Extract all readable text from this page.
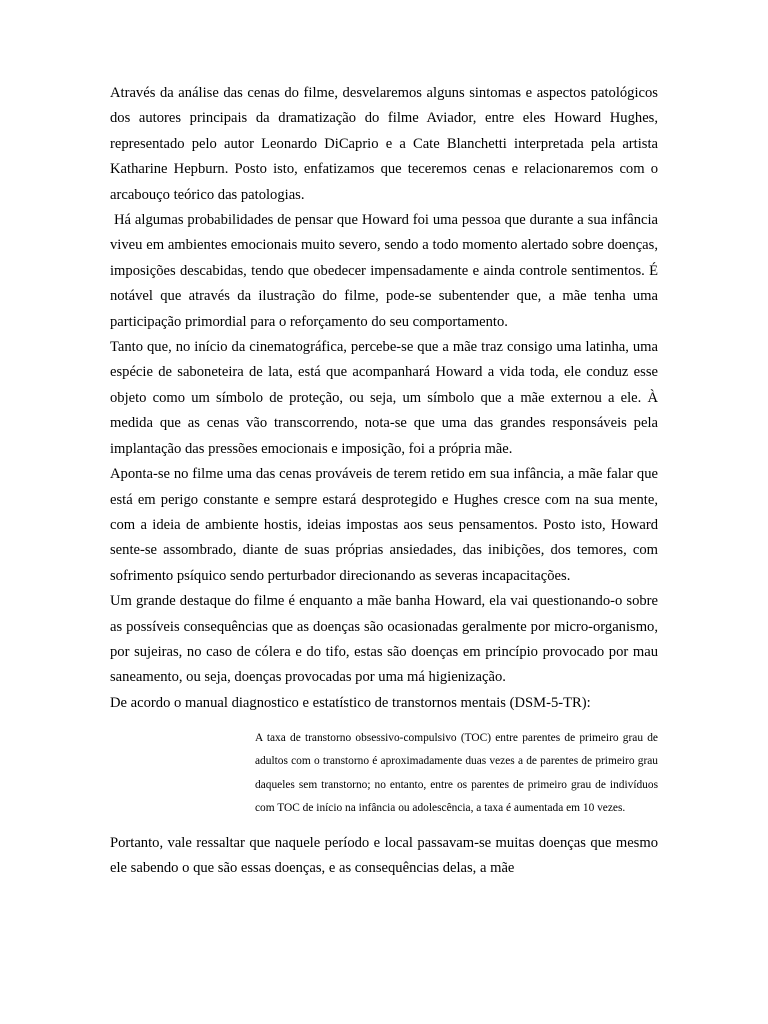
Através da análise das cenas do filme, desvelaremos alguns sintomas e aspectos patológicos dos autores principais da dramatização do filme Aviador, entre eles Howard Hughes, representado pelo autor Leonardo DiCaprio e a Cate Blanchetti interpretada pela artista Katharine Hepburn. Posto isto, enfatizamos que teceremos cenas e relacionaremos com o arcabouço teórico das patologias.

Há algumas probabilidades de pensar que Howard foi uma pessoa que durante a sua infância viveu em ambientes emocionais muito severo, sendo a todo momento alertado sobre doenças, imposições descabidas, tendo que obedecer impensadamente e ainda controle sentimentos. É notável que através da ilustração do filme, pode-se subentender que, a mãe tenha uma participação primordial para o reforçamento do seu comportamento.

Tanto que, no início da cinematográfica, percebe-se que a mãe traz consigo uma latinha, uma espécie de saboneteira de lata, está que acompanhará Howard a vida toda, ele conduz esse objeto como um símbolo de proteção, ou seja, um símbolo que a mãe externou a ele. À medida que as cenas vão transcorrendo, nota-se que uma das grandes responsáveis pela implantação das pressões emocionais e imposição, foi a própria mãe.

Aponta-se no filme uma das cenas prováveis de terem retido em sua infância, a mãe falar que está em perigo constante e sempre estará desprotegido e Hughes cresce com na sua mente, com a ideia de ambiente hostis, ideias impostas aos seus pensamentos. Posto isto, Howard sente-se assombrado, diante de suas próprias ansiedades, das inibições, dos temores, com sofrimento psíquico sendo perturbador direcionando as severas incapacitações.

Um grande destaque do filme é enquanto a mãe banha Howard, ela vai questionando-o sobre as possíveis consequências que as doenças são ocasionadas geralmente por micro-organismo, por sujeiras, no caso de cólera e do tifo, estas são doenças em princípio provocado por mau saneamento, ou seja, doenças provocadas por uma má higienização.

De acordo o manual diagnostico e estatístico de transtornos mentais (DSM-5-TR):

A taxa de transtorno obsessivo-compulsivo (TOC) entre parentes de primeiro grau de adultos com o transtorno é aproximadamente duas vezes a de parentes de primeiro grau daqueles sem transtorno; no entanto, entre os parentes de primeiro grau de indivíduos com TOC de início na infância ou adolescência, a taxa é aumentada em 10 vezes.

Portanto, vale ressaltar que naquele período e local passavam-se muitas doenças que mesmo ele sabendo o que são essas doenças, e as consequências delas, a mãe
